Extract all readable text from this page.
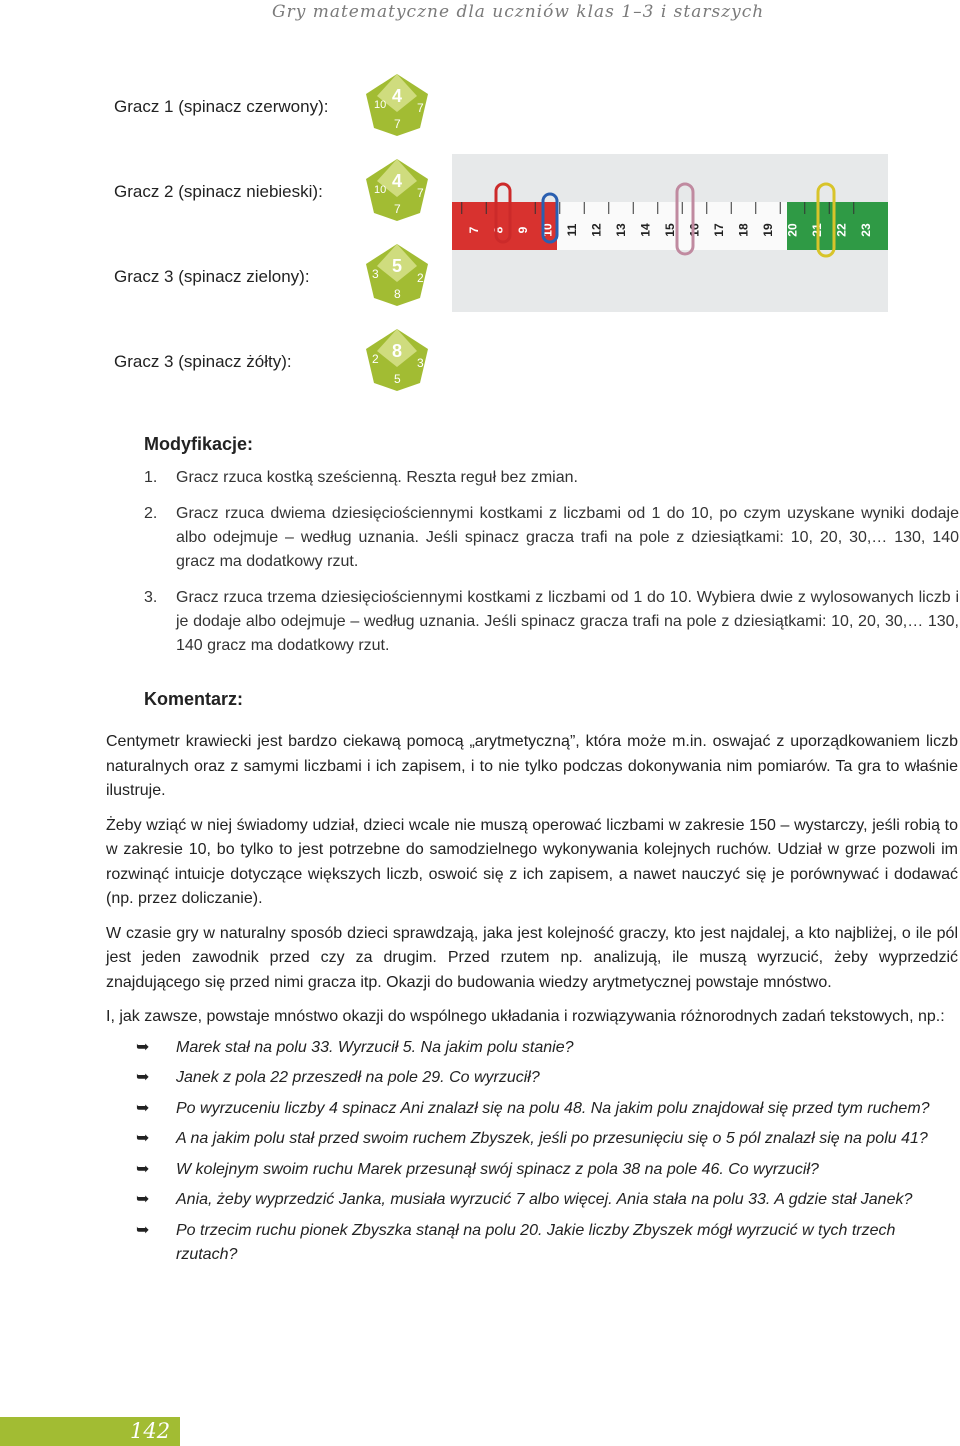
Gry matematyczne dla uczniów klas 1–3 i starszych
Gracz 1 (spinacz czerwony):
Gracz 2 (spinacz niebieski):
Gracz 3 (spinacz zielony):
Gracz 3 (spinacz żółty):
4
10
7
7
4
10
7
7
5
3
8
2
8
2
5
3
7 8 9 10 11 12 13 14 15 16 17 18 19 20 21 22 23
Modyfikacje:
1. Gracz rzuca kostką sześcienną. Reszta reguł bez zmian.
2. Gracz rzuca dwiema dziesięciościennymi kostkami z liczbami od 1 do 10, po czym uzyskane wyniki dodaje albo odejmuje – według uznania. Jeśli spinacz gracza trafi na pole z dziesiątkami: 10, 20, 30,… 130, 140 gracz ma dodatkowy rzut.
3. Gracz rzuca trzema dziesięciościennymi kostkami z liczbami od 1 do 10. Wybiera dwie z wylosowanych liczb i je dodaje albo odejmuje – według uznania. Jeśli spinacz gracza trafi na pole z dziesiątkami: 10, 20, 30,… 130, 140 gracz ma dodatkowy rzut.
Komentarz:

Centymetr krawiecki jest bardzo ciekawą pomocą „arytmetyczną”, która może m.in. oswajać z uporządkowaniem liczb naturalnych oraz z samymi liczbami i ich zapisem, i to nie tylko podczas dokonywania nim pomiarów. Ta gra to właśnie ilustruje.

Żeby wziąć w niej świadomy udział, dzieci wcale nie muszą operować liczbami w zakresie 150 – wystarczy, jeśli robią to w zakresie 10, bo tylko to jest potrzebne do samodzielnego wykonywania kolejnych ruchów. Udział w grze pozwoli im rozwinąć intuicje dotyczące większych liczb, oswoić się z ich zapisem, a nawet nauczyć się je porównywać i dodawać (np. przez doliczanie).

W czasie gry w naturalny sposób dzieci sprawdzają, jaka jest kolejność graczy, kto jest najdalej, a kto najbliżej, o ile pól jest jeden zawodnik przed czy za drugim. Przed rzutem np. analizują, ile muszą wyrzucić, żeby wyprzedzić znajdującego się przed nimi gracza itp. Okazji do budowania wiedzy arytmetycznej powstaje mnóstwo.

I, jak zawsze, powstaje mnóstwo okazji do wspólnego układania i rozwiązywania różnorodnych zadań tekstowych, np.:

➥ Marek stał na polu 33. Wyrzucił 5. Na jakim polu stanie?
➥ Janek z pola 22 przeszedł na pole 29. Co wyrzucił?
➥ Po wyrzuceniu liczby 4 spinacz Ani znalazł się na polu 48. Na jakim polu znajdował się przed tym ruchem?
➥ A na jakim polu stał przed swoim ruchem Zbyszek, jeśli po przesunięciu się o 5 pól znalazł się na polu 41?
➥ W kolejnym swoim ruchu Marek przesunął swój spinacz z pola 38 na pole 46. Co wyrzucił?
➥ Ania, żeby wyprzedzić Janka, musiała wyrzucić 7 albo więcej. Ania stała na polu 33. A gdzie stał Janek?
➥ Po trzecim ruchu pionek Zbyszka stanął na polu 20. Jakie liczby Zbyszek mógł wyrzucić w tych trzech rzutach?
142
